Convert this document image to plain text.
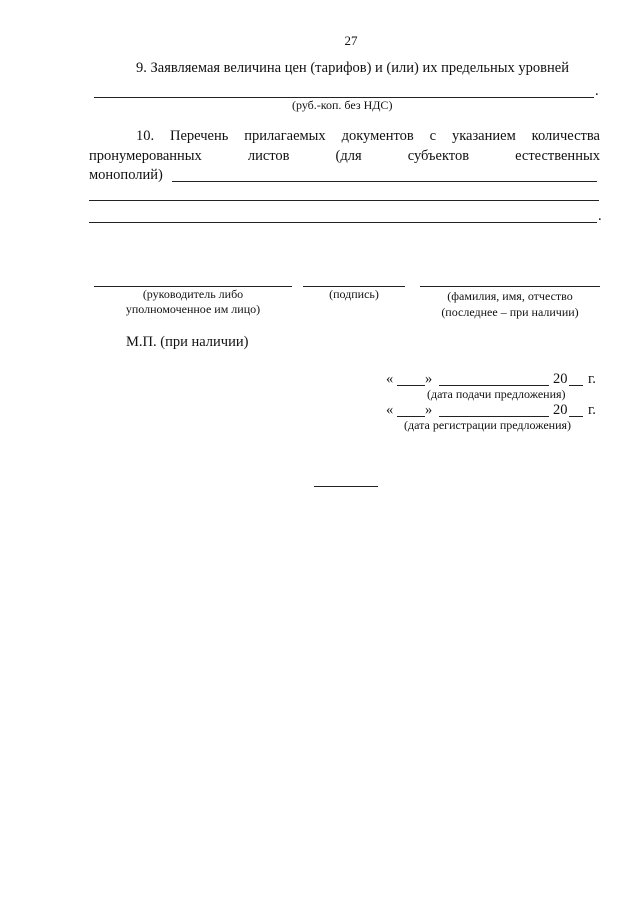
27
9. Заявляемая величина цен (тарифов) и (или) их предельных уровней
.
(руб.-коп. без НДС)
10. Перечень прилагаемых документов с указанием количества
пронумерованных	листов	(для	субъектов	естественных
монополий)
.
(руководитель либо
уполномоченное им лицо)
(подпись)	(фамилия, имя, отчество
(последнее – при наличии)
М.П. (при наличии)
« »	20 г.
(дата подачи предложения)
« »	20 г.
(дата регистрации предложения)
